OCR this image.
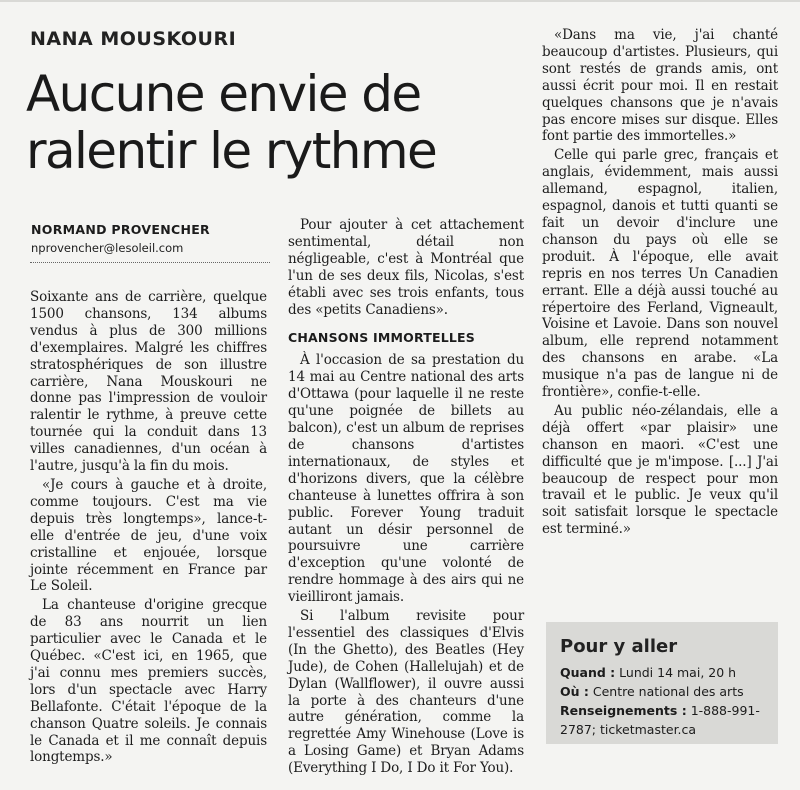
NANA MOUSKOURI
Aucune envie de ralentir le rythme
NORMAND PROVENCHER
nprovencher@lesoleil.com

Soixante ans de carrière, quelque 1500 chansons, 134 albums vendus à plus de 300 millions d'exemplaires. Malgré les chiffres stratosphériques de son illustre carrière, Nana Mouskouri ne donne pas l'impression de vouloir ralentir le rythme, à preuve cette tournée qui la conduit dans 13 villes canadiennes, d'un océan à l'autre, jusqu'à la fin du mois.

«Je cours à gauche et à droite, comme toujours. C'est ma vie depuis très longtemps», lance-t-elle d'entrée de jeu, d'une voix cristalline et enjouée, lorsque jointe récemment en France par Le Soleil.

La chanteuse d'origine grecque de 83 ans nourrit un lien particulier avec le Canada et le Québec. «C'est ici, en 1965, que j'ai connu mes premiers succès, lors d'un spectacle avec Harry Bellafonte. C'était l'époque de la chanson Quatre soleils. Je connais le Canada et il me connaît depuis longtemps.»

Pour ajouter à cet attachement sentimental, détail non négligeable, c'est à Montréal que l'un de ses deux fils, Nicolas, s'est établi avec ses trois enfants, tous des «petits Canadiens».

CHANSONS IMMORTELLES

À l'occasion de sa prestation du 14 mai au Centre national des arts d'Ottawa (pour laquelle il ne reste qu'une poignée de billets au balcon), c'est un album de reprises de chansons d'artistes internationaux, de styles et d'horizons divers, que la célèbre chanteuse à lunettes offrira à son public. Forever Young traduit autant un désir personnel de poursuivre une carrière d'exception qu'une volonté de rendre hommage à des airs qui ne vieilliront jamais.

Si l'album revisite pour l'essentiel des classiques d'Elvis (In the Ghetto), des Beatles (Hey Jude), de Cohen (Hallelujah) et de Dylan (Wallflower), il ouvre aussi la porte à des chanteurs d'une autre génération, comme la regrettée Amy Winehouse (Love is a Losing Game) et Bryan Adams (Everything I Do, I Do it For You).

«Dans ma vie, j'ai chanté beaucoup d'artistes. Plusieurs, qui sont restés de grands amis, ont aussi écrit pour moi. Il en restait quelques chansons que je n'avais pas encore mises sur disque. Elles font partie des immortelles.»

Celle qui parle grec, français et anglais, évidemment, mais aussi allemand, espagnol, italien, espagnol, danois et tutti quanti se fait un devoir d'inclure une chanson du pays où elle se produit. À l'époque, elle avait repris en nos terres Un Canadien errant. Elle a déjà aussi touché au répertoire des Ferland, Vigneault, Voisine et Lavoie. Dans son nouvel album, elle reprend notamment des chansons en arabe. «La musique n'a pas de langue ni de frontière», confie-t-elle.

Au public néo-zélandais, elle a déjà offert «par plaisir» une chanson en maori. «C'est une difficulté que je m'impose. [...] J'ai beaucoup de respect pour mon travail et le public. Je veux qu'il soit satisfait lorsque le spectacle est terminé.»

Pour y aller
Quand : Lundi 14 mai, 20 h
Où : Centre national des arts
Renseignements : 1-888-991-2787; ticketmaster.ca
